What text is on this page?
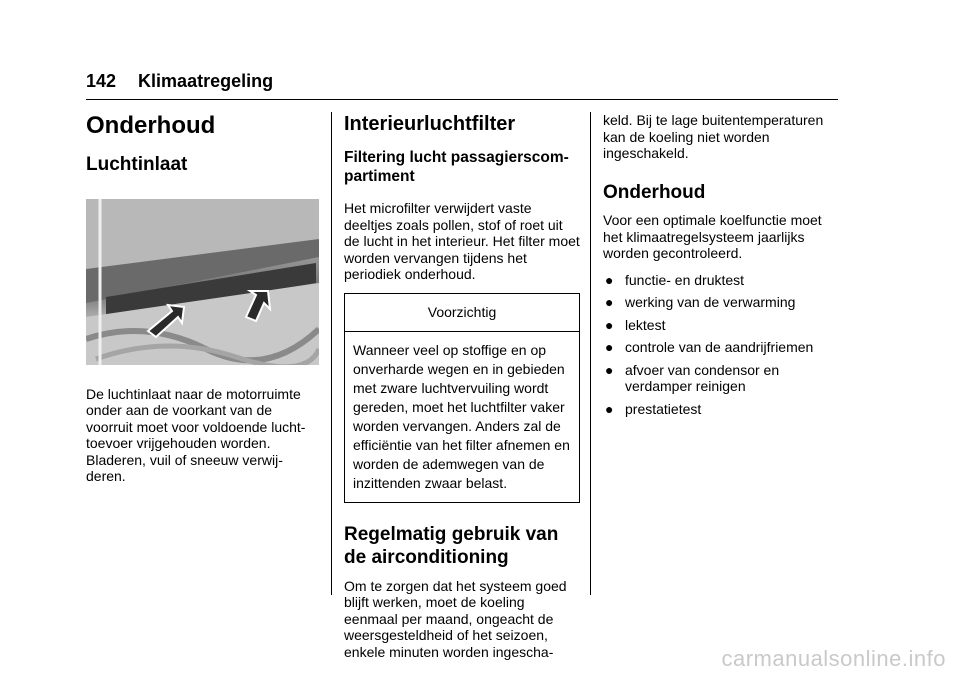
142 Klimaatregeling
Onderhoud
Luchtinlaat

De luchtinlaat naar de motorruimte onder aan de voorkant van de voorruit moet voor voldoende lucht-toevoer vrijgehouden worden. Bladeren, vuil of sneeuw verwij-deren.

Interieurluchtfilter
Filtering lucht passagierscom-partiment

Het microfilter verwijdert vaste deeltjes zoals pollen, stof of roet uit de lucht in het interieur. Het filter moet worden vervangen tijdens het periodiek onderhoud.

Voorzichtig

Wanneer veel op stoffige en op onverharde wegen en in gebieden met zware luchtvervuiling wordt gereden, moet het luchtfilter vaker worden vervangen. Anders zal de efficiëntie van het filter afnemen en worden de ademwegen van de inzittenden zwaar belast.

Regelmatig gebruik van de airconditioning

Om te zorgen dat het systeem goed blijft werken, moet de koeling eenmaal per maand, ongeacht de weersgesteldheid of het seizoen, enkele minuten worden ingescha-

keld. Bij te lage buitentemperaturen kan de koeling niet worden ingeschakeld.

Onderhoud

Voor een optimale koelfunctie moet het klimaatregelsysteem jaarlijks worden gecontroleerd.

● functie- en druktest
● werking van de verwarming
● lektest
● controle van de aandrijfriemen
● afvoer van condensor en verdamper reinigen
● prestatietest
carmanualsonline.info
